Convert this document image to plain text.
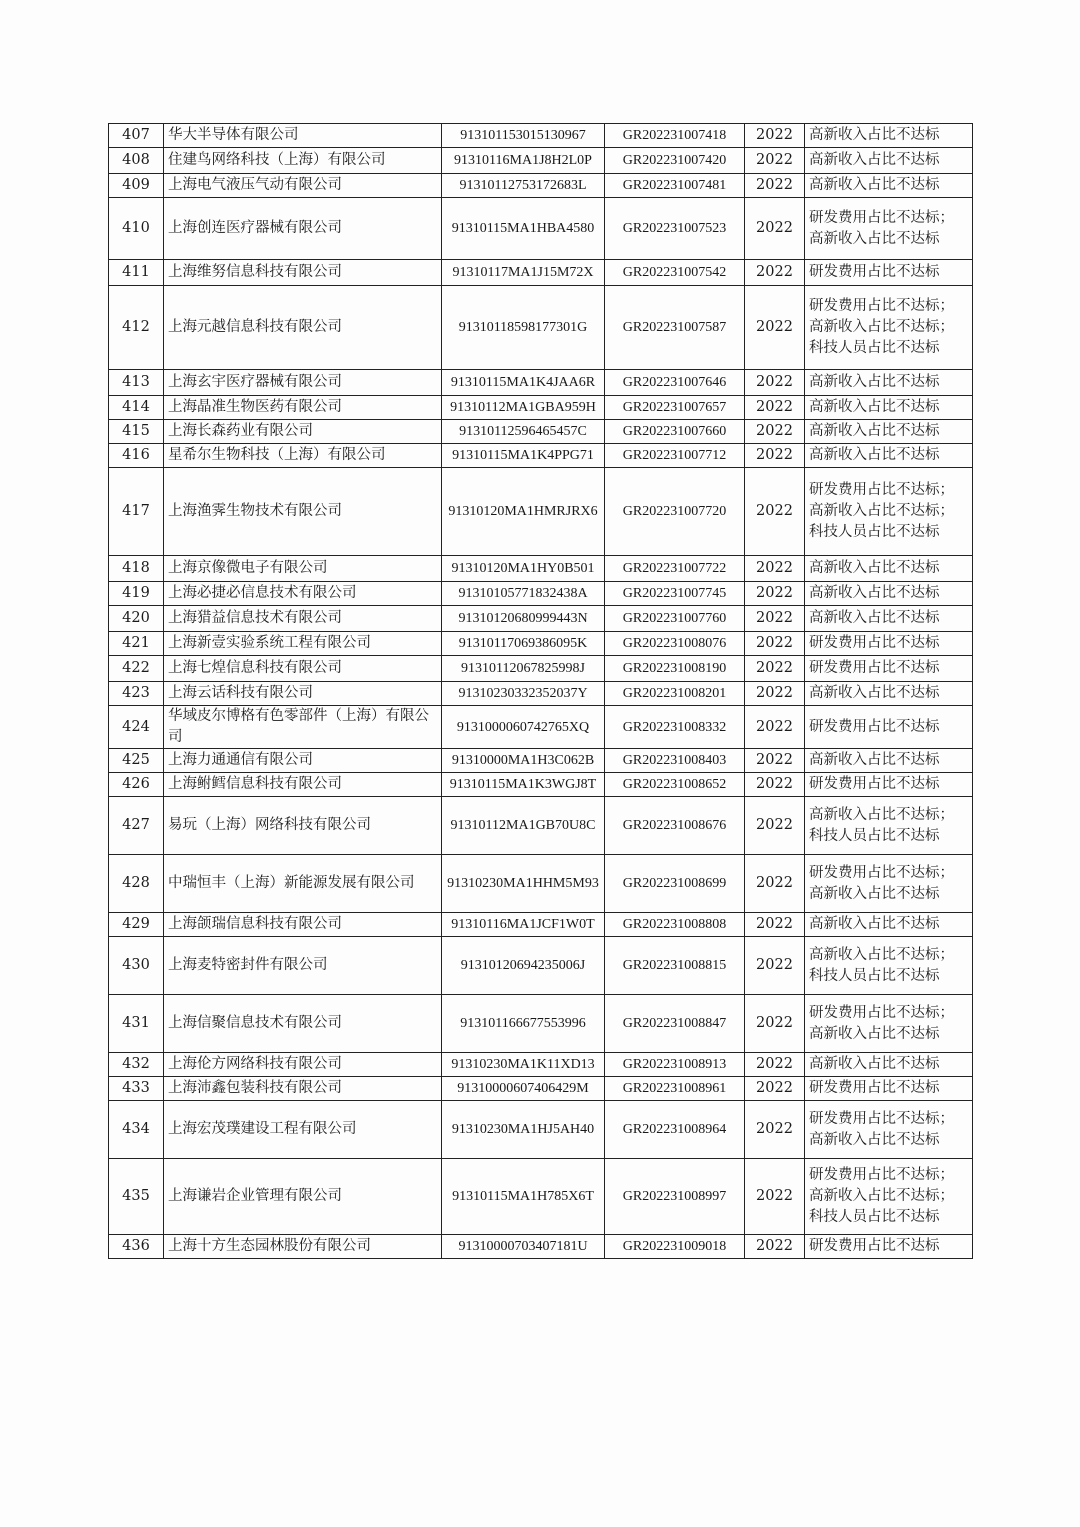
407	华大半导体有限公司	913101153015130967	GR202231007418	2022	高新收入占比不达标

408	住建鸟网络科技（上海）有限公司	91310116MA1J8H2L0P	GR202231007420	2022	高新收入占比不达标

409	上海电气液压气动有限公司	91310112753172683L	GR202231007481	2022	高新收入占比不达标

410	上海创连医疗器械有限公司	91310115MA1HBA4580	GR202231007523	2022	研发费用占比不达标；
高新收入占比不达标

411	上海维努信息科技有限公司	91310117MA1J15M72X	GR202231007542	2022	研发费用占比不达标

412	上海元越信息科技有限公司	91310118598177301G	GR202231007587	2022	研发费用占比不达标；
高新收入占比不达标；
科技人员占比不达标

413	上海玄宇医疗器械有限公司	91310115MA1K4JAA6R	GR202231007646	2022	高新收入占比不达标

414	上海晶准生物医药有限公司	91310112MA1GBA959H	GR202231007657	2022	高新收入占比不达标

415	上海长森药业有限公司	91310112596465457C	GR202231007660	2022	高新收入占比不达标

416	星希尔生物科技（上海）有限公司	91310115MA1K4PPG71	GR202231007712	2022	高新收入占比不达标

417	上海渔霁生物技术有限公司	91310120MA1HMRJRX6	GR202231007720	2022	研发费用占比不达标；
高新收入占比不达标；
科技人员占比不达标

418	上海京像微电子有限公司	91310120MA1HY0B501	GR202231007722	2022	高新收入占比不达标

419	上海必捷必信息技术有限公司	91310105771832438A	GR202231007745	2022	高新收入占比不达标

420	上海猎益信息技术有限公司	91310120680999443N	GR202231007760	2022	高新收入占比不达标

421	上海新壹实验系统工程有限公司	91310117069386095K	GR202231008076	2022	研发费用占比不达标

422	上海七煌信息科技有限公司	91310112067825998J	GR202231008190	2022	研发费用占比不达标

423	上海云话科技有限公司	91310230332352037Y	GR202231008201	2022	高新收入占比不达标

424	华域皮尔博格有色零部件（上海）有限公司	9131000060742765XQ	GR202231008332	2022	研发费用占比不达标

425	上海力通通信有限公司	91310000MA1H3C062B	GR202231008403	2022	高新收入占比不达标

426	上海鲋鳕信息科技有限公司	91310115MA1K3WGJ8T	GR202231008652	2022	研发费用占比不达标

427	易玩（上海）网络科技有限公司	91310112MA1GB70U8C	GR202231008676	2022	高新收入占比不达标；
科技人员占比不达标

428	中瑞恒丰（上海）新能源发展有限公司	91310230MA1HHM5M93	GR202231008699	2022	研发费用占比不达标；
高新收入占比不达标

429	上海颌瑞信息科技有限公司	91310116MA1JCF1W0T	GR202231008808	2022	高新收入占比不达标

430	上海麦特密封件有限公司	91310120694235006J	GR202231008815	2022	高新收入占比不达标；
科技人员占比不达标

431	上海信聚信息技术有限公司	913101166677553996	GR202231008847	2022	研发费用占比不达标；
高新收入占比不达标

432	上海伦方网络科技有限公司	91310230MA1K11XD13	GR202231008913	2022	高新收入占比不达标

433	上海沛鑫包装科技有限公司	91310000607406429M	GR202231008961	2022	研发费用占比不达标

434	上海宏茂璞建设工程有限公司	91310230MA1HJ5AH40	GR202231008964	2022	研发费用占比不达标；
高新收入占比不达标

435	上海谦岩企业管理有限公司	91310115MA1H785X6T	GR202231008997	2022	研发费用占比不达标；
高新收入占比不达标；
科技人员占比不达标

436	上海十方生态园林股份有限公司	91310000703407181U	GR202231009018	2022	研发费用占比不达标
